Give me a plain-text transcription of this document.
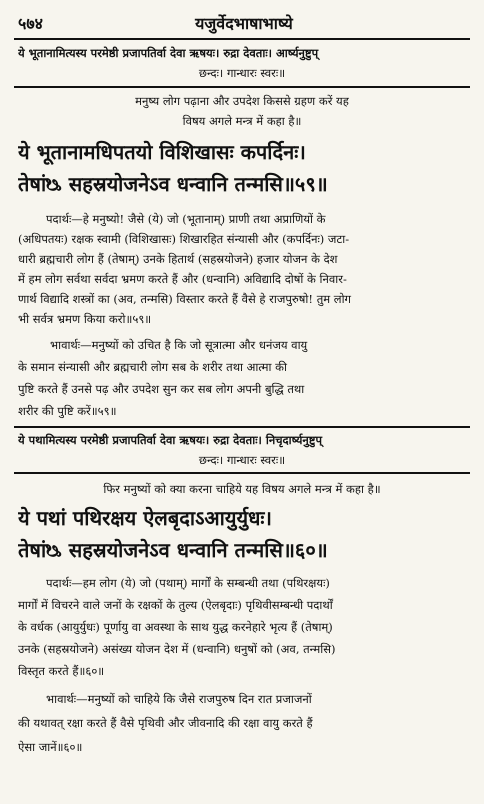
५७४	यजुर्वेदभाषाभाष्ये
ये भूतानामित्यस्य परमेष्ठी प्रजापतिर्वा देवा ऋषयः। रुद्रा देवताः। आर्ष्यनुष्टुप्
छन्दः। गान्धारः स्वरः॥
मनुष्य लोग पढ़ाना और उपदेश किससे ग्रहण करें यह
विषय अगले मन्त्र में कहा है॥
ये भूतानामधिपतयो विशिखासः कपर्दिनः।
तेषांᳬ सहस्रयोजनेऽव धन्वानि तन्मसि॥५९॥
पदार्थः—हे मनुष्यो! जैसे (ये) जो (भूतानाम्) प्राणी तथा अप्राणियों के
(अधिपतयः) रक्षक स्वामी (विशिखासः) शिखारहित संन्यासी और (कपर्दिनः) जटा-
धारी ब्रह्मचारी लोग हैं (तेषाम्) उनके हितार्थ (सहस्रयोजने) हजार योजन के देश
में हम लोग सर्वथा सर्वदा भ्रमण करते हैं और (धन्वानि) अविद्यादि दोषों के निवार-
णार्थ विद्यादि शस्त्रों का (अव, तन्मसि) विस्तार करते हैं वैसे हे राजपुरुषो! तुम लोग
भी सर्वत्र भ्रमण किया करो॥५९॥
भावार्थः—मनुष्यों को उचित है कि जो सूत्रात्मा और धनंजय वायु
के समान संन्यासी और ब्रह्मचारी लोग सब के शरीर तथा आत्मा की
पुष्टि करते हैं उनसे पढ़ और उपदेश सुन कर सब लोग अपनी बुद्धि तथा
शरीर की पुष्टि करें॥५९॥
ये पथामित्यस्य परमेष्ठी प्रजापतिर्वा देवा ऋषयः। रुद्रा देवताः। निचृदार्ष्यनुष्टुप्
छन्दः। गान्धारः स्वरः॥
फिर मनुष्यों को क्या करना चाहिये यह विषय अगले मन्त्र में कहा है॥
ये पथां पथिरक्षय ऐलबृदाऽआयुर्युधः।
तेषांᳬ सहस्रयोजनेऽव धन्वानि तन्मसि॥६०॥
पदार्थः—हम लोग (ये) जो (पथाम्) मार्गों के सम्बन्धी तथा (पथिरक्षयः)
मार्गों में विचरने वाले जनों के रक्षकों के तुल्य (ऐलबृदाः) पृथिवीसम्बन्धी पदार्थों
के वर्धक (आयुर्युधः) पूर्णायु वा अवस्था के साथ युद्ध करनेहारे भृत्य हैं (तेषाम्)
उनके (सहस्रयोजने) असंख्य योजन देश में (धन्वानि) धनुषों को (अव, तन्मसि)
विस्तृत करते हैं॥६०॥
भावार्थः—मनुष्यों को चाहिये कि जैसे राजपुरुष दिन रात प्रजाजनों
की यथावत् रक्षा करते हैं वैसे पृथिवी और जीवनादि की रक्षा वायु करते हैं
ऐसा जानें॥६०॥
